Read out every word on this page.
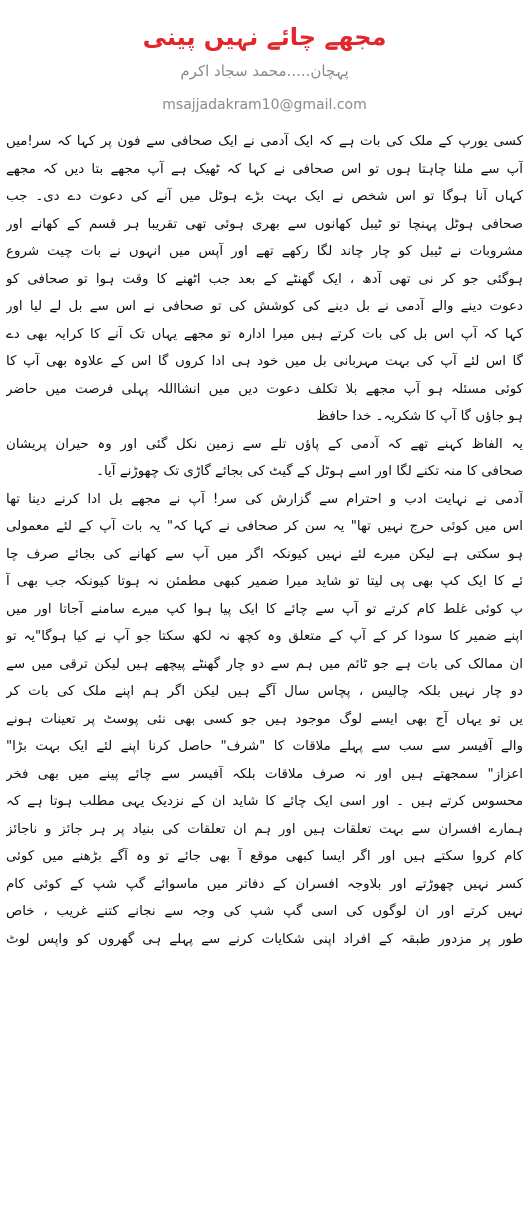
مجھے چائے نہیں پینی
پہچان.....محمد سجاد اکرم
msajjadakram10@gmail.com
کسی یورپ کے ملک کی بات ہے کہ ایک آدمی نے ایک صحافی سے فون پر کہا کہ سر!میں
آپ سے ملنا چاہتا ہوں تو اس صحافی نے کہا کہ ٹھیک ہے آپ مجھے بتا دیں کہ مجھے
کہاں آنا ہوگا تو اس شخص نے ایک بہت بڑے ہوٹل میں آنے کی دعوت دے دی۔ جب
صحافی ہوٹل پہنچا تو ٹیبل کھانوں سے بھری ہوئی تھی تقریبا ہر قسم کے کھانے اور
مشروبات نے ٹیبل کو چار چاند لگا رکھے تھے اور آپس میں انہوں نے بات چیت شروع
ہوگئی جو کر نی تھی آدھ ، ایک گھنٹے کے بعد جب اٹھنے کا وقت ہوا تو صحافی کو
دعوت دینے والے آدمی نے بل دینے کی کوشش کی تو صحافی نے اس سے بل لے لیا اور
کہا کہ آپ اس بل کی بات کرتے ہیں میرا ادارہ تو مجھے یہاں تک آنے کا کرایہ بھی دے
گا اس لئے آپ کی بہت مہربانی بل میں خود ہی ادا کروں گا اس کے علاوہ بھی آپ کا
کوئی مسئلہ ہو آپ مجھے بلا تکلف دعوت دیں میں انشااللہ پہلی فرصت میں حاضر
ہو جاؤں گا آپ کا شکریہ۔ خدا حافظ
یہ الفاظ کہنے تھے کہ آدمی کے پاؤں تلے سے زمین نکل گئی اور وہ حیران پریشان
صحافی کا منہ تکنے لگا اور اسے ہوٹل کے گیٹ کی بجائے گاڑی تک چھوڑنے آیا۔
آدمی نے نہایت ادب و احترام سے گزارش کی سر! آپ نے مجھے بل ادا کرنے دینا تھا
اس میں کوئی حرج نہیں تھا" یہ سن کر صحافی نے کہا کہ" یہ بات آپ کے لئے معمولی
ہو سکتی ہے لیکن میرے لئے نہیں کیونکہ اگر میں آپ سے کھانے کی بجائے صرف چا
ئے کا ایک کپ بھی پی لیتا تو شاید میرا ضمیر کبھی مطمئن نہ ہوتا کیونکہ جب بھی آ
پ کوئی غلط کام کرتے تو آپ سے چائے کا ایک پیا ہوا کپ میرے سامنے آجاتا اور میں
اپنے ضمیر کا سودا کر کے آپ کے متعلق وہ کچھ نہ لکھ سکتا جو آپ نے کیا ہوگا"یہ تو
ان ممالک کی بات ہے جو ٹائم میں ہم سے دو چار گھنٹے پیچھے ہیں لیکن ترقی میں سے
دو چار نہیں بلکہ چالیس ، پچاس سال آگے ہیں لیکن اگر ہم اپنے ملک کی بات کر
یں تو یہاں آج بھی ایسے لوگ موجود ہیں جو کسی بھی نئی پوسٹ پر تعینات ہونے
والے آفیسر سے سب سے پہلے ملاقات کا "شرف" حاصل کرنا اپنے لئے ایک بہت بڑا"
اعزاز" سمجھتے ہیں اور نہ صرف ملاقات بلکہ آفیسر سے چائے پینے میں بھی فخر
محسوس کرتے ہیں ۔ اور اسی ایک چائے کا شاید ان کے نزدیک یہی مطلب ہوتا ہے کہ
ہمارے افسران سے بہت تعلقات ہیں اور ہم ان تعلقات کی بنیاد پر ہر جائز و ناجائز
کام کروا سکتے ہیں اور اگر ایسا کبھی موقع آ بھی جائے تو وہ آگے بڑھنے میں کوئی
کسر نہیں چھوڑتے اور بلاوجہ افسران کے دفاتر میں ماسوائے گپ شپ کے کوئی کام
نہیں کرتے اور ان لوگوں کی اسی گپ شپ کی وجہ سے نجانے کتنے غریب ، خاص
طور پر مزدور طبقہ کے افراد اپنی شکایات کرنے سے پہلے ہی گھروں کو واپس لوٹ
